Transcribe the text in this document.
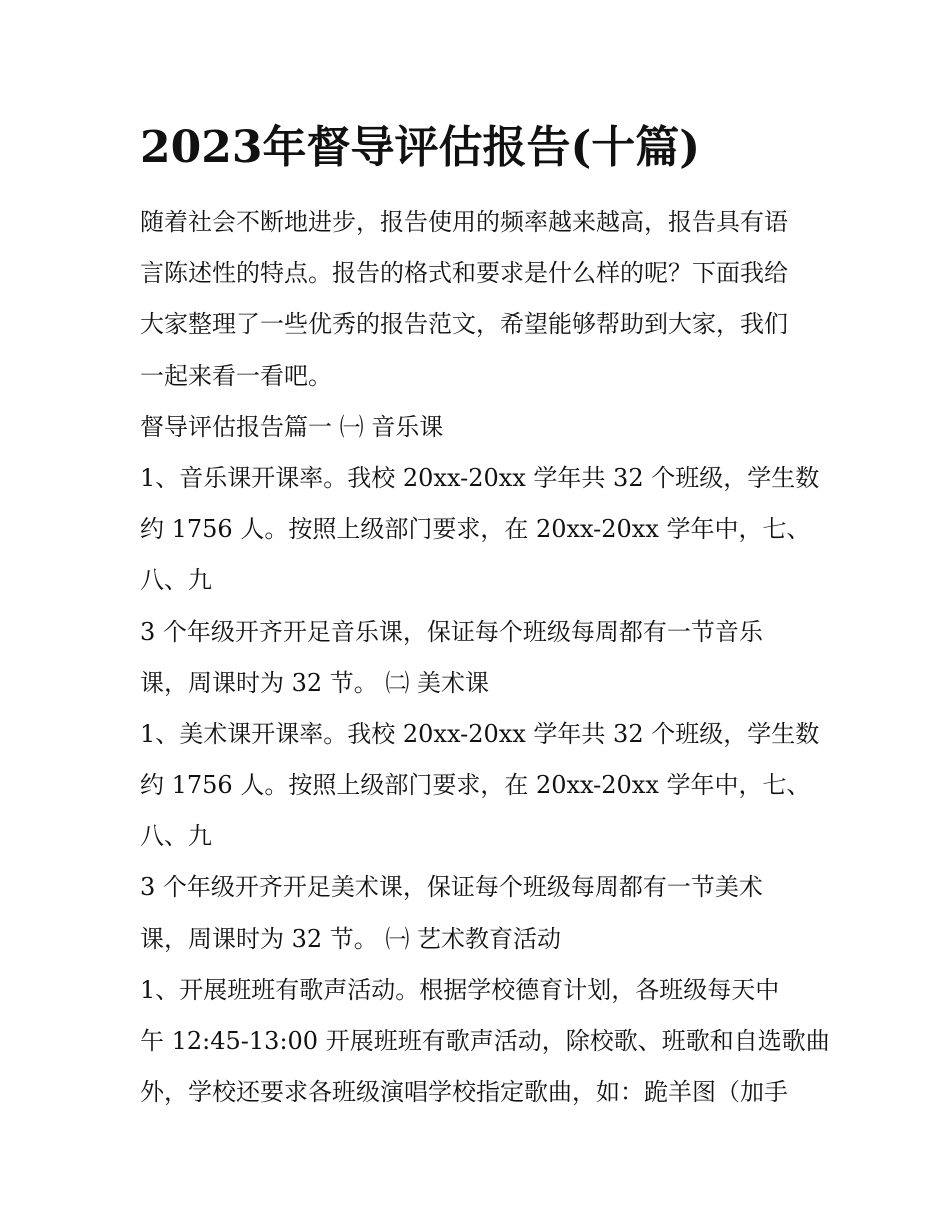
2023年督导评估报告(十篇)
随着社会不断地进步，报告使用的频率越来越高，报告具有语
言陈述性的特点。报告的格式和要求是什么样的呢？下面我给
大家整理了一些优秀的报告范文，希望能够帮助到大家，我们
一起来看一看吧。
督导评估报告篇一 ㈠ 音乐课
1、音乐课开课率。我校 20xx-20xx 学年共 32 个班级，学生数
约 1756 人。按照上级部门要求，在 20xx-20xx 学年中，七、
八、九
3 个年级开齐开足音乐课，保证每个班级每周都有一节音乐
课，周课时为 32 节。 ㈡ 美术课
1、美术课开课率。我校 20xx-20xx 学年共 32 个班级，学生数
约 1756 人。按照上级部门要求，在 20xx-20xx 学年中，七、
八、九
3 个年级开齐开足美术课，保证每个班级每周都有一节美术
课，周课时为 32 节。 ㈠ 艺术教育活动
1、开展班班有歌声活动。根据学校德育计划，各班级每天中
午 12:45-13:00 开展班班有歌声活动，除校歌、班歌和自选歌曲
外，学校还要求各班级演唱学校指定歌曲，如：跪羊图（加手
